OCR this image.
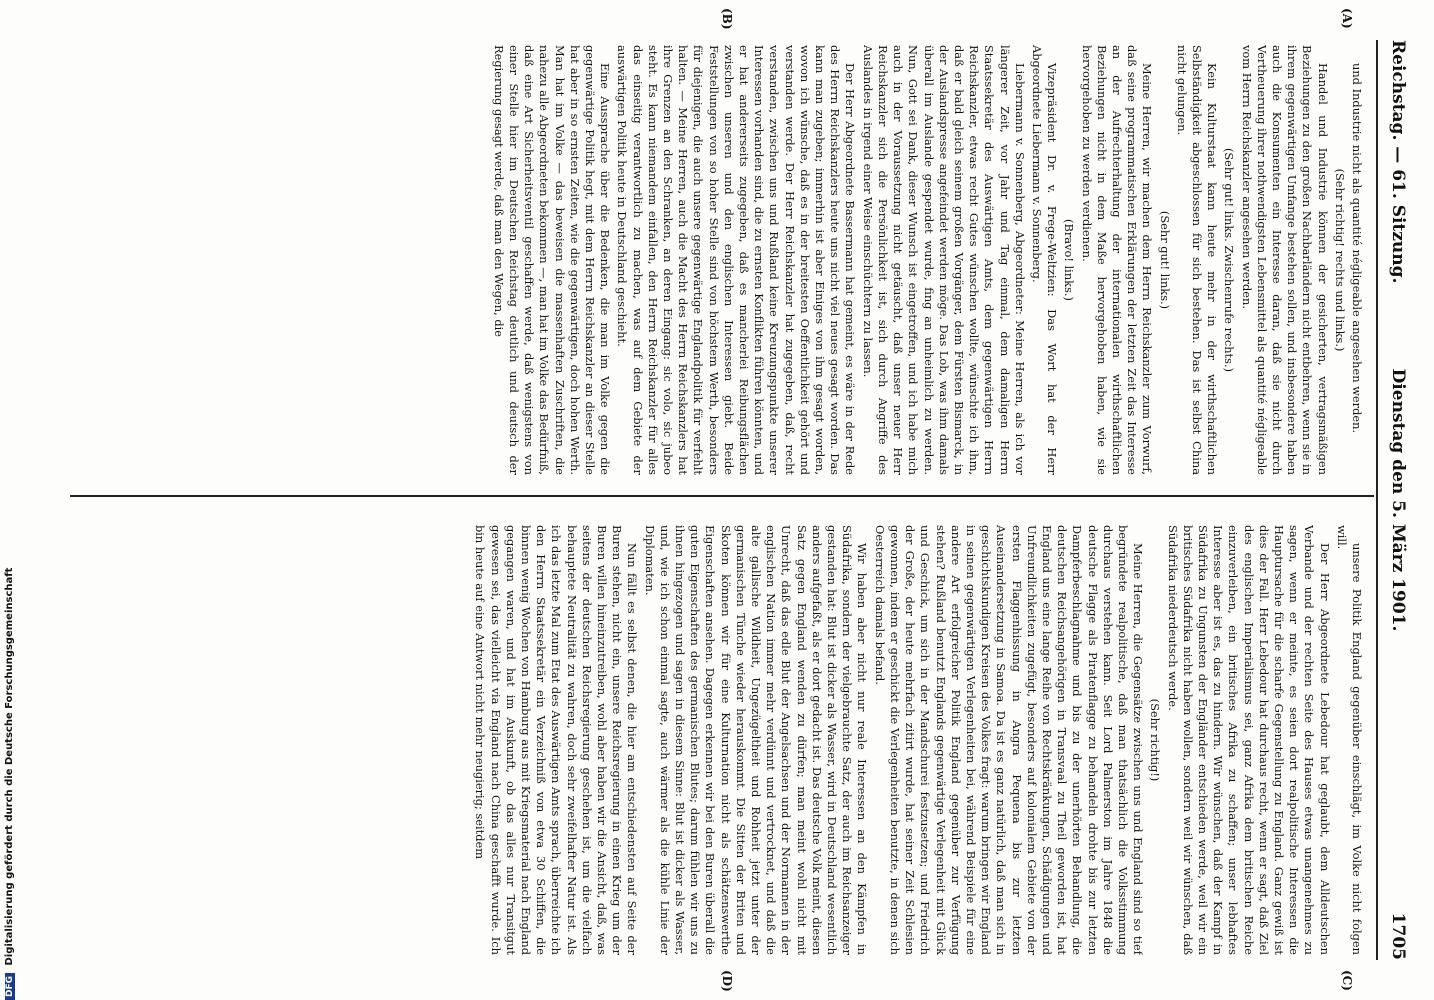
Reichstag. — 61. Sitzung.
Dienstag den 5. März 1901.
1705
(A)
(B)
(C)
(D)

und Industrie nicht als quantité négligeable angesehen werden.

(Sehr richtig! rechts und links.)

Handel und Industrie können der gesicherten, vertragsmäßigen Beziehungen zu den großen Nachbarländern nicht entbehren, wenn sie in ihrem gegenwärtigen Umfange bestehen sollen, und insbesondere haben auch die Konsumenten ein Interesse daran, daß sie nicht durch Vertheuerung ihrer nothwendigsten Lebensmittel als quantité négligeable vom Herrn Reichskanzler angesehen werden.

(Sehr gut! links. Zwischenrufe rechts.)

Kein Kulturstaat kann heute mehr in der wirthschaftlichen Selbständigkeit abgeschlossen für sich bestehen. Das ist selbst China nicht gelungen.

(Sehr gut! links.)

Meine Herren, wir machen dem Herrn Reichskanzler zum Vorwurf, daß seine programmatischen Erklärungen der letzten Zeit das Interesse an der Aufrechterhaltung der internationalen wirthschaftlichen Beziehungen nicht in dem Maße hervorgehoben haben, wie sie hervorgehoben zu werden verdienen.

(Bravo! links.)

Vizepräsident Dr. v. Frege-Weltzien: Das Wort hat der Herr Abgeordnete Liebermann v. Sonnenberg.

Liebermann v. Sonnenberg, Abgeordneter: Meine Herren, als ich vor längerer Zeit, vor Jahr und Tag einmal, dem damaligen Herrn Staatssekretär des Auswärtigen Amts, dem gegenwärtigen Herrn Reichskanzler, etwas recht Gutes wünschen wollte, wünschte ich ihm, daß er bald gleich seinem großen Vorgänger, dem Fürsten Bismarck, in der Auslandspresse angefeindet werden möge. Das Lob, was ihm damals überall im Auslande gespendet wurde, fing an unheimlich zu werden. Nun, Gott sei Dank, dieser Wunsch ist eingetroffen, und ich habe mich auch in der Voraussetzung nicht getäuscht, daß unser neuer Herr Reichskanzler sich die Persönlichkeit ist, sich durch Angriffe des Auslandes in irgend einer Weise einschüchtern zu lassen.

Der Herr Abgeordnete Bassermann hat gemeint, es wäre in der Rede des Herrn Reichskanzlers heute uns nicht viel neues gesagt worden. Das kann man zugeben; immerhin ist aber Einiges von ihm gesagt worden, wovon ich wünsche, daß es in der breitesten Oeffentlichkeit gehört und verstanden werde. Der Herr Reichskanzler hat zugegeben, daß, recht verstanden, zwischen uns und Rußland keine Kreuzungspunkte unserer Interessen vorhanden sind, die zu ernsten Konflikten führen könnten, und er hat andererseits zugegeben, daß es mancherlei Reibungsflächen zwischen unseren und den englischen Interessen giebt. Beide Feststellungen von so hoher Stelle sind von höchstem Werth, besonders für diejenigen, die auch unsere gegenwärtige Englandpolitik für verfehlt halten. — Meine Herren, auch die Macht des Herrn Reichskanzlers hat ihre Grenzen an den Schranken, an deren Eingang: sic volo, sic jubeo steht. Es kann niemandem einfallen, den Herrn Reichskanzler für alles das einseitig verantwortlich zu machen, was auf dem Gebiete der auswärtigen Politik heute in Deutschland geschieht.

Eine Aussprache über die Bedenken, die man im Volke gegen die gegenwärtige Politik hegt, mit dem Herrn Reichskanzler an dieser Stelle hat aber in so ernsten Zeiten, wie die gegenwärtigen, doch hohen Werth. Man hat im Volke — das beweisen die massenhaften Zuschriften, die nahezu alle Abgeordneten bekommen —, man hat im Volke das Bedürfniß, daß eine Art Sicherheitsventil geschaffen werde, daß wenigstens von einer Stelle hier im Deutschen Reichstag deutlich und deutsch der Regierung gesagt werde, daß man den Wegen, die

unsere Politik England gegenüber einschlägt, im Volke nicht folgen will.

Der Herr Abgeordnete Lebedour hat geglaubt, dem Alldeutschen Verbande und der rechten Seite des Hauses etwas unangenehmes zu sagen, wenn er meinte, es seien dort realpolitische Interessen die Hauptursache für die scharfe Gegenstellung zu England. Ganz gewiß ist dies der Fall. Herr Lebedour hat durchaus recht, wenn er sagt, daß Ziel des englischen Imperialismus sei, ganz Afrika dem britischen Reiche einzuverleiben, ein britisches Afrika zu schaffen; unser lebhaftes Interesse aber ist es, das zu hindern. Wir wünschen, daß der Kampf in Südafrika zu Ungunsten der Engländer entschieden werde, weil wir ein britisches Südafrika nicht haben wollen, sondern weil wir wünschen, daß Südafrika niederdeutsch werde.

(Sehr richtig!)

Meine Herren, die Gegensätze zwischen uns und England sind so tief begründete realpolitische, daß man thatsächlich die Volksstimmung durchaus verstehen kann. Seit Lord Palmerston im Jahre 1848 die deutsche Flagge als Piratenflagge zu behandeln drohte bis zur letzten Dampferbeschlagnahme und bis zu der unerhörten Behandlung, die deutschen Reichsangehörigen in Transvaal zu Theil geworden ist, hat England uns eine lange Reihe von Rechtskränkungen, Schädigungen und Unfreundlichkeiten zugefügt, besonders auf kolonialem Gebiete von der ersten Flaggenhissung in Angra Pequena bis zur letzten Auseinandersetzung in Samoa. Da ist es ganz natürlich, daß man sich in geschichtskundigen Kreisen des Volkes fragt: warum bringen wir England in seinen gegenwärtigen Verlegenheiten bei, während Beispiele für eine andere Art erfolgreicher Politik England gegenüber zur Verfügung stehen? Rußland benutzt Englands gegenwärtige Verlegenheit mit Glück und Geschick, um sich in der Mandschurei festzusetzen; und Friedrich der Große, der heute mehrfach zitirt wurde, hat seiner Zeit Schlesien gewonnen, indem er geschickt die Verlegenheiten benutzte, in denen sich Oesterreich damals befand.

Wir haben aber nicht nur reale Interessen an den Kämpfen in Südafrika, sondern der vielgebrauchte Satz, der auch im Reichsanzeiger gestanden hat: Blut ist dicker als Wasser, wird in Deutschland wesentlich anders aufgefaßt, als er dort gedacht ist. Das deutsche Volk meint, diesen Satz gegen England wenden zu dürfen; man meint wohl nicht mit Unrecht, daß das edle Blut der Angelsachsen und der Normannen in der englischen Nation immer mehr verdünnt und vertrocknet, und daß die alte gallische Wildheit, Ungezügeltheit und Rohheit jetzt unter der germanischen Tünche wieder herauskommt. Die Sitten der Briten und Skoten können wir für eine Kulturnation nicht als schätzenswerthe Eigenschaften ansehen. Dagegen erkennen wir bei den Buren überall die guten Eigenschaften des germanischen Blutes; darum fühlen wir uns zu ihnen hingezogen und sagen in diesem Sinne: Blut ist dicker als Wasser, und, wie ich schon einmal sagte, auch wärmer als die kühle Linie der Diplomaten.

Nun fällt es selbst denen, die hier am entschiedensten auf Seite der Buren stehen, nicht ein, unsere Reichsregierung in einen Krieg um der Buren willen hineinzutreiben, wohl aber haben wir die Ansicht, daß, was seitens der deutschen Reichsregierung geschehen ist, um die vielfach behauptete Neutralität zu wahren, doch sehr zweifelhafter Natur ist. Als ich das letzte Mal zum Etat des Auswärtigen Amts sprach, überreichte ich den Herrn Staatssekretär ein Verzeichniß von etwa 30 Schiffen, die binnen wenig Wochen von Hamburg aus mit Kriegsmaterial nach England gegangen waren, und hat im Auskunft, ob das alles nur Transitgut gewesen sei, das vielleicht via England nach China geschafft wurde. Ich bin heute auf eine Antwort nicht mehr neugierig; seitdem

DFG Digitalisierung gefördert durch die Deutsche Forschungsgemeinschaft
